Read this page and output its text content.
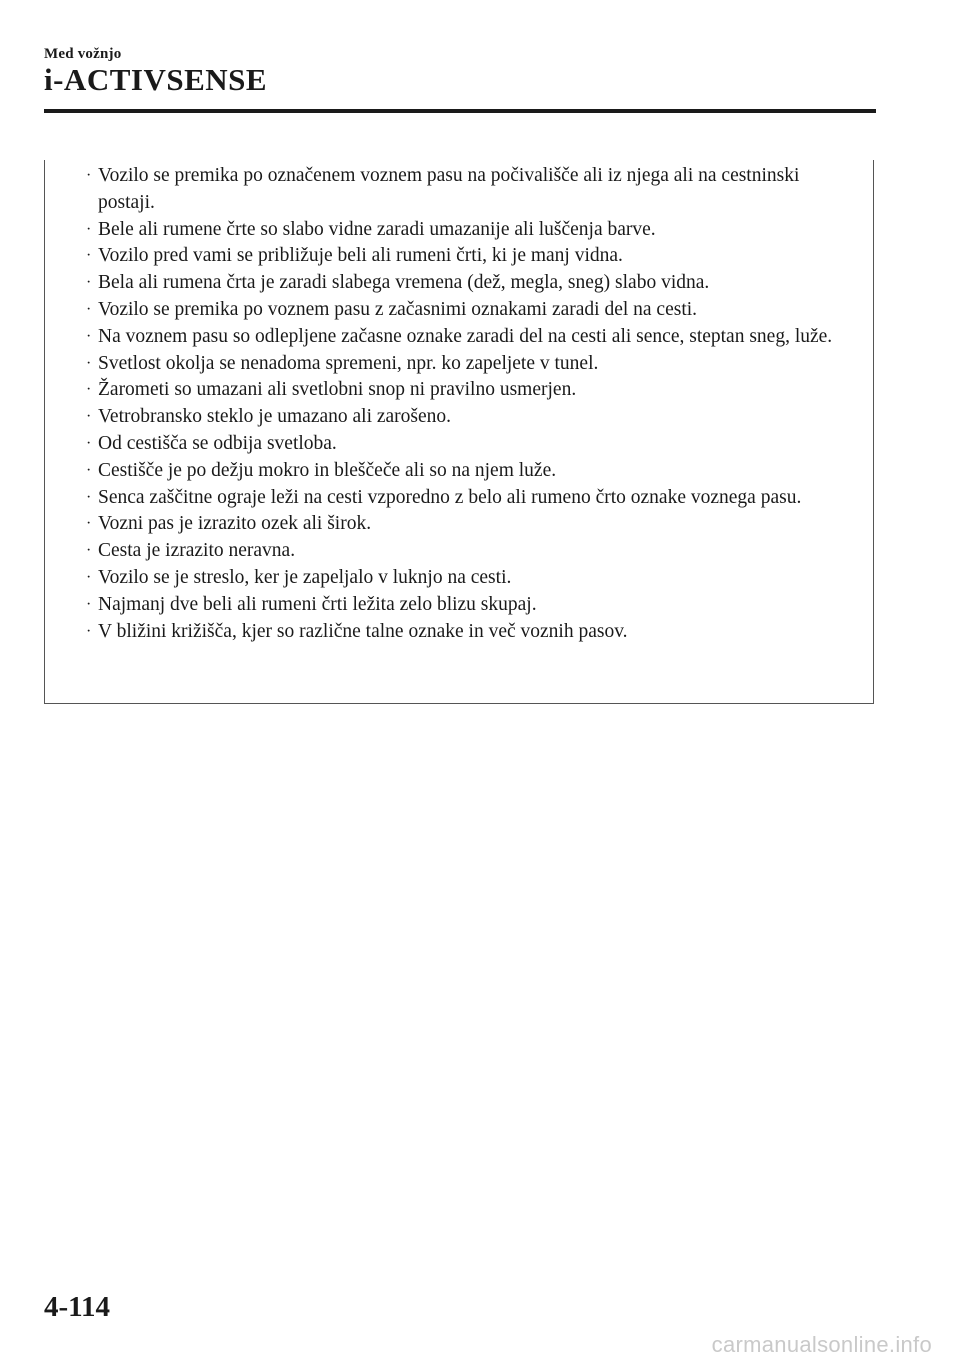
Med vožnjo
i-ACTIVSENSE
· Vozilo se premika po označenem voznem pasu na počivališče ali iz njega ali na cestninski postaji.
· Bele ali rumene črte so slabo vidne zaradi umazanije ali luščenja barve.
· Vozilo pred vami se približuje beli ali rumeni črti, ki je manj vidna.
· Bela ali rumena črta je zaradi slabega vremena (dež, megla, sneg) slabo vidna.
· Vozilo se premika po voznem pasu z začasnimi oznakami zaradi del na cesti.
· Na voznem pasu so odlepljene začasne oznake zaradi del na cesti ali sence, steptan sneg, luže.
· Svetlost okolja se nenadoma spremeni, npr. ko zapeljete v tunel.
· Žarometi so umazani ali svetlobni snop ni pravilno usmerjen.
· Vetrobransko steklo je umazano ali zarošeno.
· Od cestišča se odbija svetloba.
· Cestišče je po dežju mokro in bleščeče ali so na njem luže.
· Senca zaščitne ograje leži na cesti vzporedno z belo ali rumeno črto oznake voznega pasu.
· Vozni pas je izrazito ozek ali širok.
· Cesta je izrazito neravna.
· Vozilo se je streslo, ker je zapeljalo v luknjo na cesti.
· Najmanj dve beli ali rumeni črti ležita zelo blizu skupaj.
· V bližini križišča, kjer so različne talne oznake in več voznih pasov.
4-114
carmanualsonline.info
